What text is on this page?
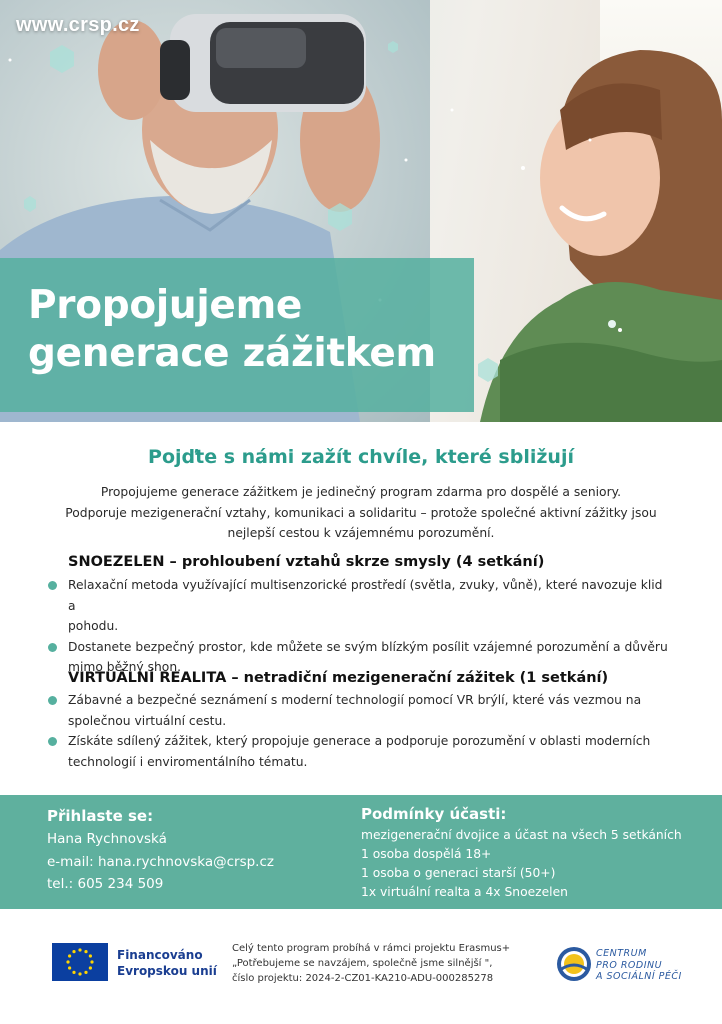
www.crsp.cz
Propojujeme
generace zážitkem
Pojďte s námi zažít chvíle, které sbližují
Propojujeme generace zážitkem je jedinečný program zdarma pro dospělé a seniory.
Podporuje mezigenerační vztahy, komunikaci a solidaritu – protože společné aktivní zážitky jsou
nejlepší cestou k vzájemnému porozumění.
SNOEZELEN – prohloubení vztahů skrze smysly (4 setkání)
Relaxační metoda využívající multisenzorické prostředí (světla, zvuky, vůně), které navozuje klid a
pohodu.
Dostanete bezpečný prostor, kde můžete se svým blízkým posílit vzájemné porozumění a důvěru
mimo běžný shon.
VIRTUÁLNÍ REALITA – netradiční mezigenerační zážitek (1 setkání)
Zábavné a bezpečné seznámení s moderní technologií pomocí VR brýlí, které vás vezmou na
společnou virtuální cestu.
Získáte sdílený zážitek, který propojuje generace a podporuje porozumění v oblasti moderních
technologií i enviromentálního tématu.
Přihlaste se:
Hana Rychnovská
e-mail: hana.rychnovska@crsp.cz
tel.: 605 234 509
Podmínky účasti:
mezigenerační dvojice a účast na všech 5 setkáních
1 osoba dospělá 18+
1 osoba o generaci starší (50+)
1x virtuální realta a 4x Snoezelen
Financováno
Evropskou unií
Celý tento program probíhá v rámci projektu Erasmus+
„Potřebujeme se navzájem, společně jsme silnější ",
číslo projektu: 2024-2-CZ01-KA210-ADU-000285278
CENTRUM
PRO RODINU
A SOCIÁLNÍ PÉČI
